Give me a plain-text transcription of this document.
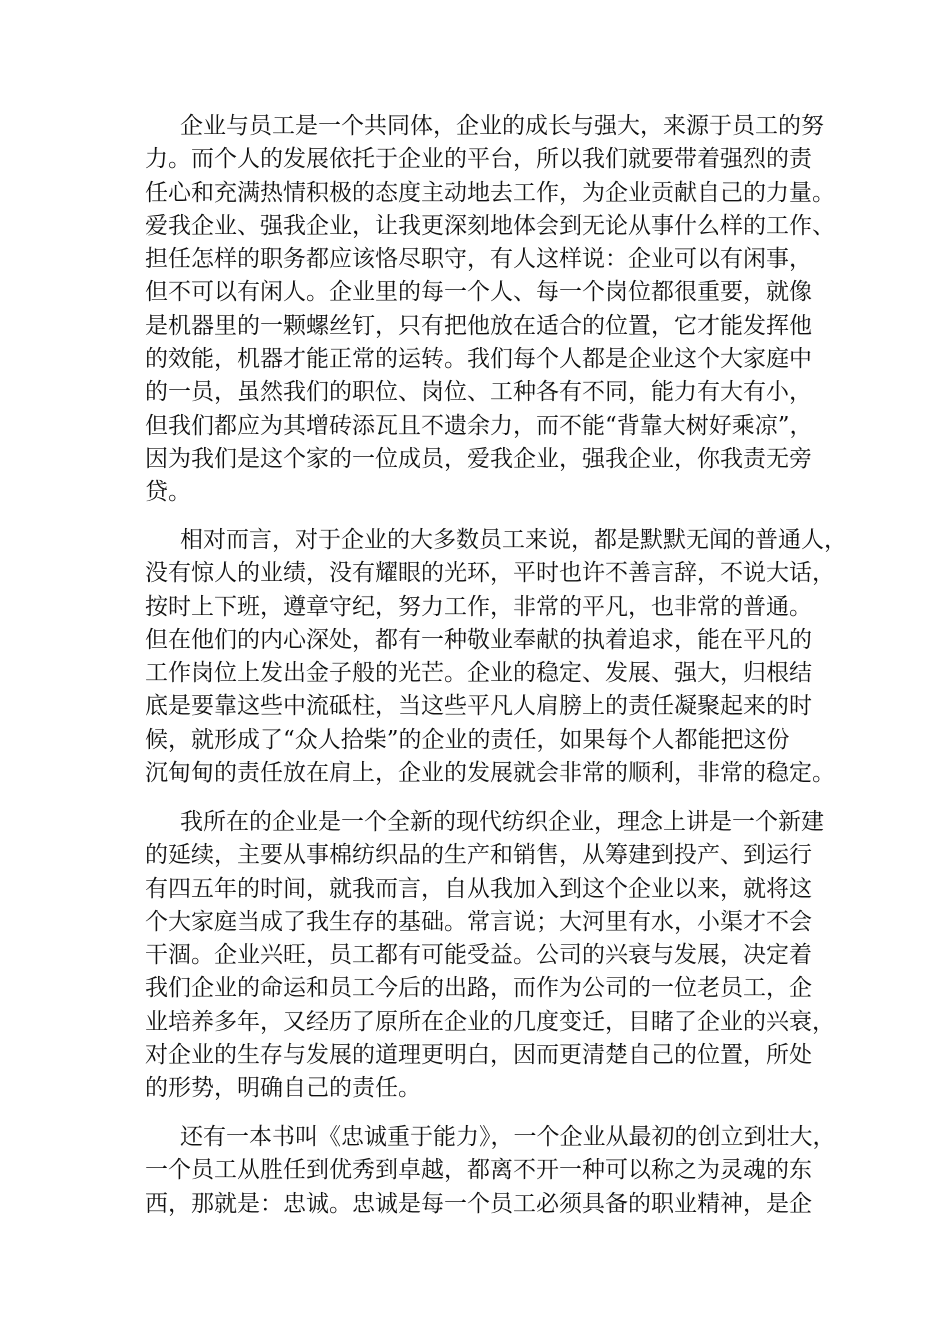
企业与员工是一个共同体，企业的成长与强大，来源于员工的努
力。而个人的发展依托于企业的平台，所以我们就要带着强烈的责
任心和充满热情积极的态度主动地去工作，为企业贡献自己的力量。
爱我企业、强我企业，让我更深刻地体会到无论从事什么样的工作、
担任怎样的职务都应该恪尽职守，有人这样说：企业可以有闲事，
但不可以有闲人。企业里的每一个人、每一个岗位都很重要，就像
是机器里的一颗螺丝钉，只有把他放在适合的位置，它才能发挥他
的效能，机器才能正常的运转。我们每个人都是企业这个大家庭中
的一员，虽然我们的职位、岗位、工种各有不同，能力有大有小，
但我们都应为其增砖添瓦且不遗余力，而不能“背靠大树好乘凉”，
因为我们是这个家的一位成员，爱我企业，强我企业，你我责无旁
贷。
相对而言，对于企业的大多数员工来说，都是默默无闻的普通人，
没有惊人的业绩，没有耀眼的光环，平时也许不善言辞，不说大话，
按时上下班，遵章守纪，努力工作，非常的平凡，也非常的普通。
但在他们的内心深处，都有一种敬业奉献的执着追求，能在平凡的
工作岗位上发出金子般的光芒。企业的稳定、发展、强大，归根结
底是要靠这些中流砥柱，当这些平凡人肩膀上的责任凝聚起来的时
候，就形成了“众人拾柴”的企业的责任，如果每个人都能把这份
沉甸甸的责任放在肩上，企业的发展就会非常的顺利，非常的稳定。
我所在的企业是一个全新的现代纺织企业，理念上讲是一个新建
的延续，主要从事棉纺织品的生产和销售，从筹建到投产、到运行
有四五年的时间，就我而言，自从我加入到这个企业以来，就将这
个大家庭当成了我生存的基础。常言说；大河里有水，小渠才不会
干涸。企业兴旺，员工都有可能受益。公司的兴衰与发展，决定着
我们企业的命运和员工今后的出路，而作为公司的一位老员工，企
业培养多年，又经历了原所在企业的几度变迁，目睹了企业的兴衰，
对企业的生存与发展的道理更明白，因而更清楚自己的位置，所处
的形势，明确自己的责任。
还有一本书叫《忠诚重于能力》，一个企业从最初的创立到壮大，
一个员工从胜任到优秀到卓越，都离不开一种可以称之为灵魂的东
西，那就是：忠诚。忠诚是每一个员工必须具备的职业精神，是企
